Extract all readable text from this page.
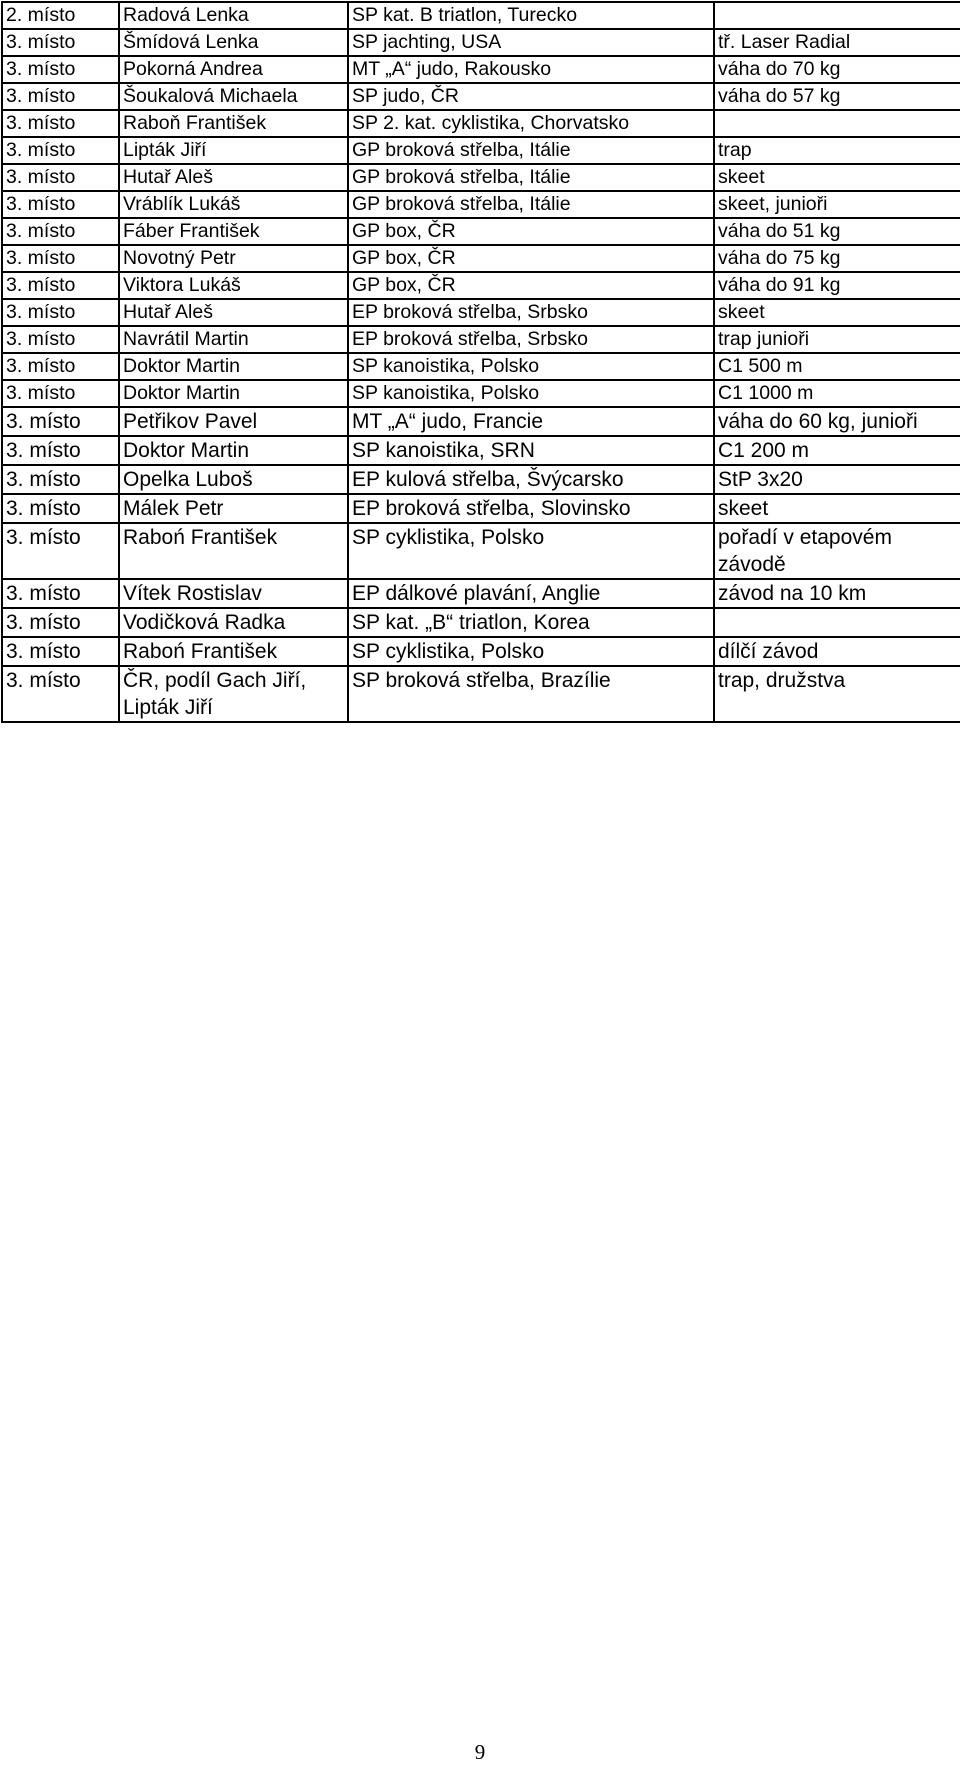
2. místo	Radová Lenka	SP kat. B triatlon, Turecko	
3. místo	Šmídová Lenka	SP jachting, USA	tř. Laser Radial
3. místo	Pokorná Andrea	MT „A“ judo, Rakousko	váha do 70 kg
3. místo	Šoukalová Michaela	SP judo, ČR	váha do 57 kg
3. místo	Raboň František	SP 2. kat. cyklistika, Chorvatsko	
3. místo	Lipták Jiří	GP broková střelba, Itálie	trap
3. místo	Hutař Aleš	GP broková střelba, Itálie	skeet
3. místo	Vráblík Lukáš	GP broková střelba, Itálie	skeet, junioři
3. místo	Fáber František	GP box, ČR	váha do 51 kg
3. místo	Novotný Petr	GP box, ČR	váha do 75 kg
3. místo	Viktora Lukáš	GP box, ČR	váha do 91 kg
3. místo	Hutař Aleš	EP broková střelba, Srbsko	skeet
3. místo	Navrátil Martin	EP broková střelba, Srbsko	trap junioři
3. místo	Doktor Martin	SP kanoistika, Polsko	C1 500 m
3. místo	Doktor Martin	SP kanoistika, Polsko	C1 1000 m
3. místo	Petřikov Pavel	MT „A“ judo, Francie	váha do 60 kg, junioři
3. místo	Doktor Martin	SP kanoistika, SRN	C1 200 m
3. místo	Opelka Luboš	EP kulová střelba, Švýcarsko	StP 3x20
3. místo	Málek Petr	EP broková střelba, Slovinsko	skeet
3. místo	Raboń František	SP cyklistika, Polsko	pořadí v etapovém závodě
3. místo	Vítek Rostislav	EP dálkové plavání, Anglie	závod na 10 km
3. místo	Vodičková Radka	SP kat. „B“ triatlon, Korea	
3. místo	Raboń František	SP cyklistika, Polsko	dílčí závod
3. místo	ČR, podíl Gach Jiří, Lipták Jiří	SP broková střelba, Brazílie	trap, družstva
9
